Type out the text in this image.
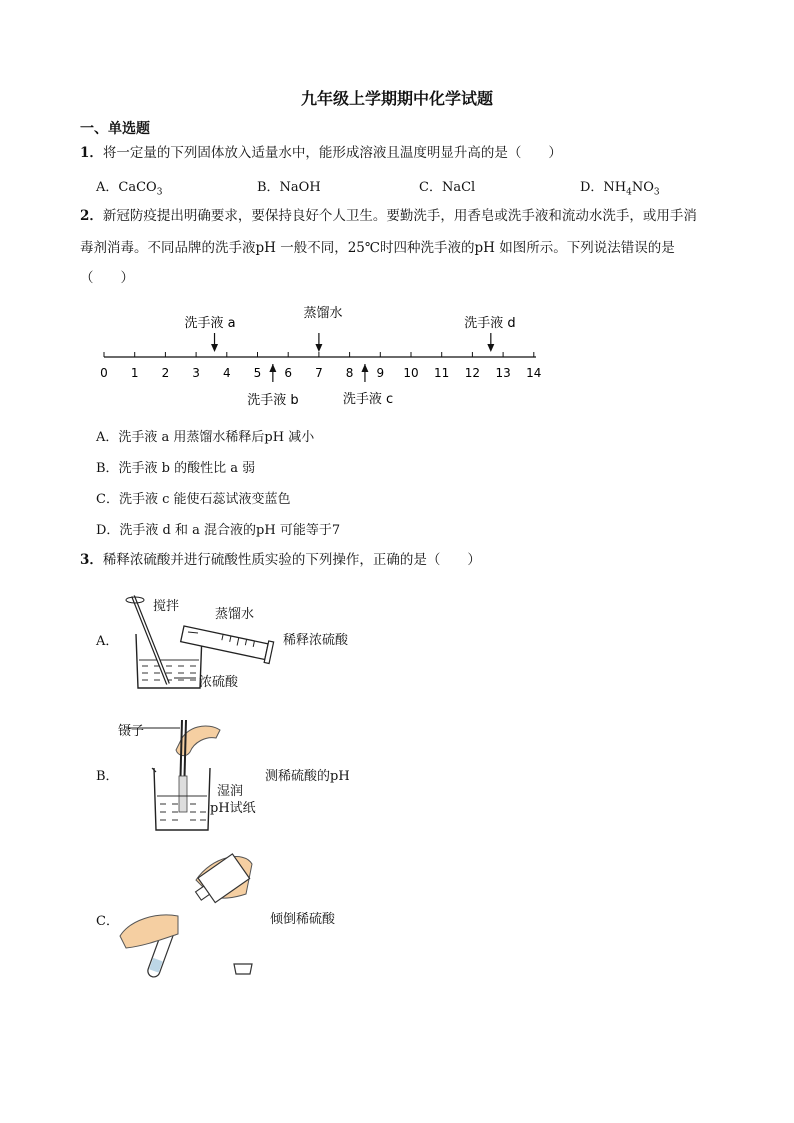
九年级上学期期中化学试题
一、单选题
1．将一定量的下列固体放入适量水中，能形成溶液且温度明显升高的是（　　）
A．CaCO$_3$	B．NaOH	C．NaCl	D．$NH_4NO_3$
2．新冠防疫提出明确要求，要保持良好个人卫生。要勤洗手，用香皂或洗手液和流动水洗手，或用手消
毒剂消毒。不同品牌的洗手液pH 一般不同，25℃时四种洗手液的pH 如图所示。下列说法错误的是
（　　）
0 1 2 3 4 5 6 7 8 9 10 11 12 13 14
洗手液 a
蒸馏水
洗手液 d
洗手液 b	洗手液 c
A．洗手液 a 用蒸馏水稀释后pH 减小
B．洗手液 b 的酸性比 a 弱
C．洗手液 c 能使石蕊试液变蓝色
D．洗手液 d 和 a 混合液的pH 可能等于7
3．稀释浓硫酸并进行硫酸性质实验的下列操作，正确的是（　　）
A．
搅拌
蒸馏水
浓硫酸
稀释浓硫酸
B．
镊子
湿润
pH试纸
测稀硫酸的pH
C．	倾倒稀硫酸
